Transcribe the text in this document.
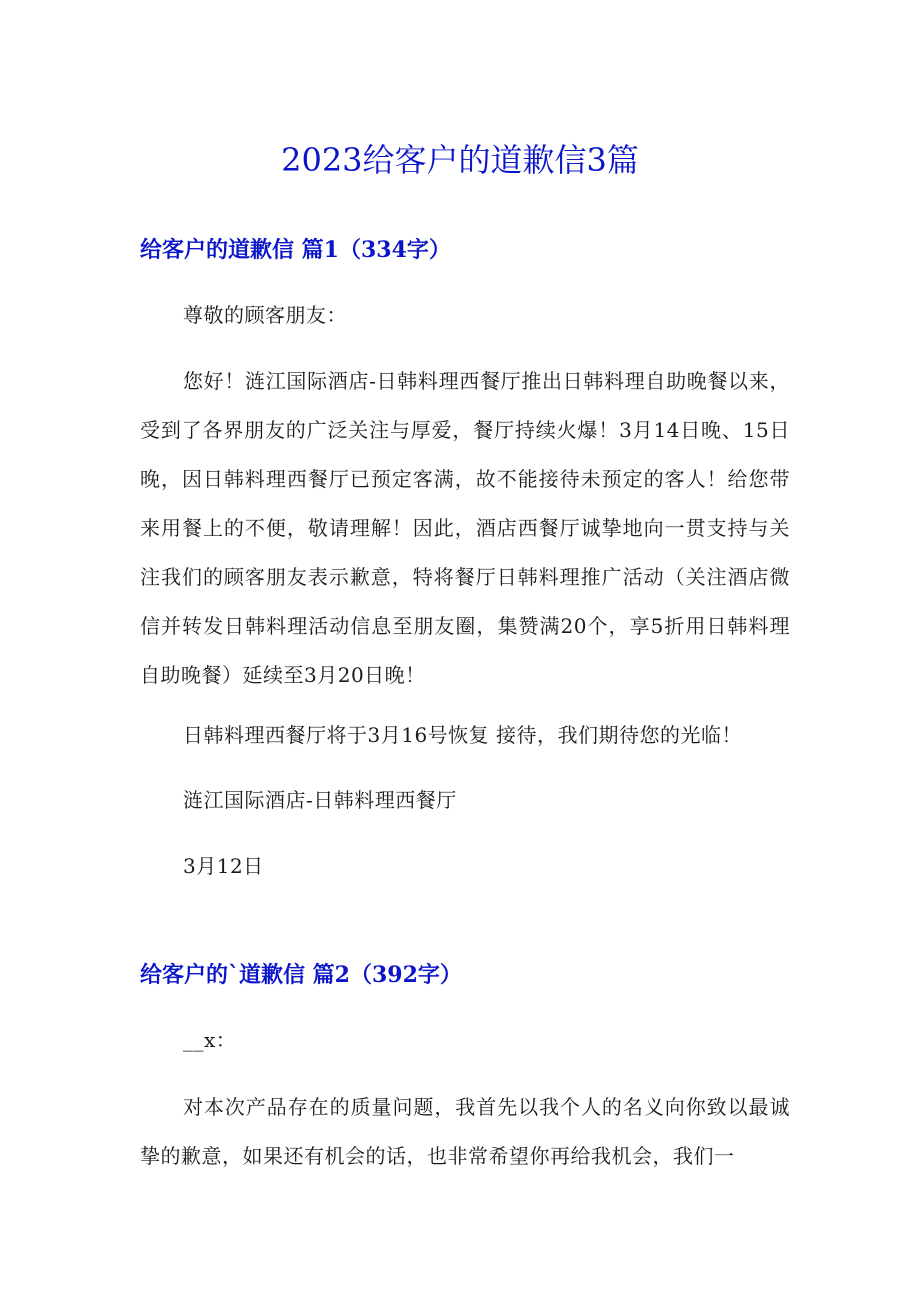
2023给客户的道歉信3篇
给客户的道歉信 篇1（334字）

尊敬的顾客朋友：

您好！涟江国际酒店-日韩料理西餐厅推出日韩料理自助晚餐以来，受到了各界朋友的广泛关注与厚爱，餐厅持续火爆！3月14日晚、15日晚，因日韩料理西餐厅已预定客满，故不能接待未预定的客人！给您带来用餐上的不便，敬请理解！因此，酒店西餐厅诚挚地向一贯支持与关注我们的顾客朋友表示歉意，特将餐厅日韩料理推广活动（关注酒店微信并转发日韩料理活动信息至朋友圈，集赞满20个，享5折用日韩料理自助晚餐）延续至3月20日晚！

日韩料理西餐厅将于3月16号恢复 接待，我们期待您的光临！

涟江国际酒店-日韩料理西餐厅

3月12日

给客户的`道歉信 篇2（392字）

__x：

对本次产品存在的质量问题，我首先以我个人的名义向你致以最诚挚的歉意，如果还有机会的话，也非常希望你再给我机会，我们一
